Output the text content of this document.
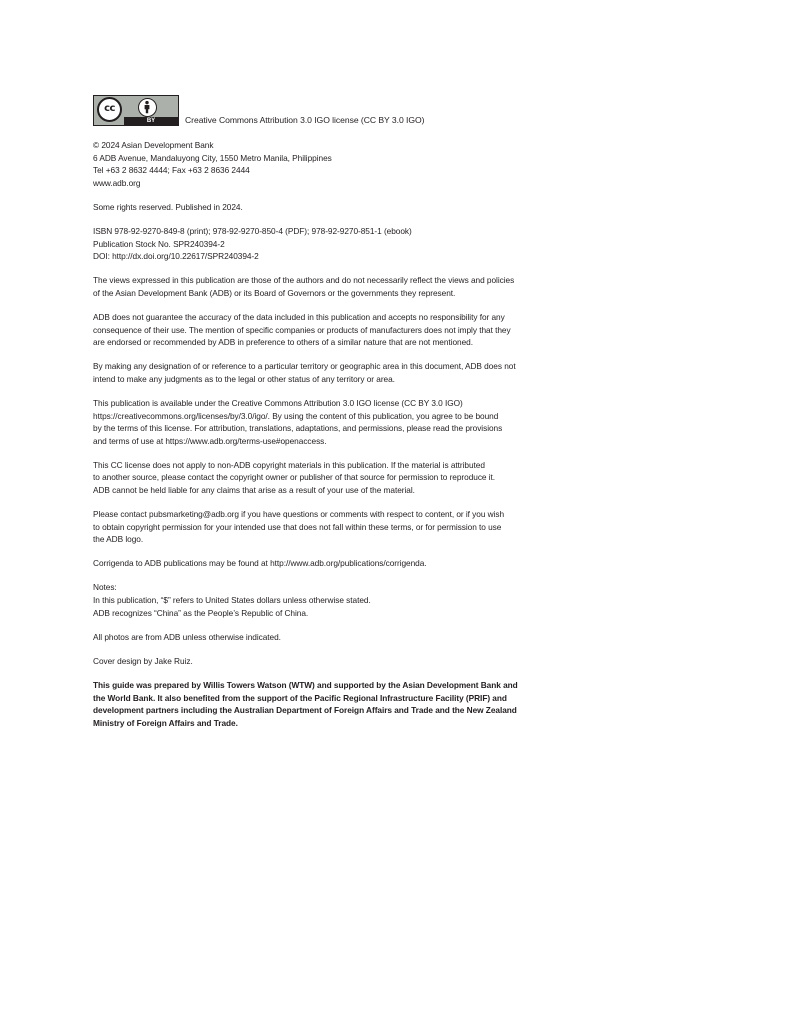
cc
BY	Creative Commons Attribution 3.0 IGO license (CC BY 3.0 IGO)

© 2024 Asian Development Bank
6 ADB Avenue, Mandaluyong City, 1550 Metro Manila, Philippines
Tel +63 2 8632 4444; Fax +63 2 8636 2444
www.adb.org

Some rights reserved. Published in 2024.

ISBN 978-92-9270-849-8 (print); 978-92-9270-850-4 (PDF); 978-92-9270-851-1 (ebook)
Publication Stock No. SPR240394-2
DOI: http://dx.doi.org/10.22617/SPR240394-2

The views expressed in this publication are those of the authors and do not necessarily reflect the views and policies
of the Asian Development Bank (ADB) or its Board of Governors or the governments they represent.

ADB does not guarantee the accuracy of the data included in this publication and accepts no responsibility for any
consequence of their use. The mention of specific companies or products of manufacturers does not imply that they
are endorsed or recommended by ADB in preference to others of a similar nature that are not mentioned.

By making any designation of or reference to a particular territory or geographic area in this document, ADB does not
intend to make any judgments as to the legal or other status of any territory or area.

This publication is available under the Creative Commons Attribution 3.0 IGO license (CC BY 3.0 IGO)
https://creativecommons.org/licenses/by/3.0/igo/. By using the content of this publication, you agree to be bound
by the terms of this license. For attribution, translations, adaptations, and permissions, please read the provisions
and terms of use at https://www.adb.org/terms-use#openaccess.

This CC license does not apply to non-ADB copyright materials in this publication. If the material is attributed
to another source, please contact the copyright owner or publisher of that source for permission to reproduce it.
ADB cannot be held liable for any claims that arise as a result of your use of the material.

Please contact pubsmarketing@adb.org if you have questions or comments with respect to content, or if you wish
to obtain copyright permission for your intended use that does not fall within these terms, or for permission to use
the ADB logo.

Corrigenda to ADB publications may be found at http://www.adb.org/publications/corrigenda.

Notes:
In this publication, “$” refers to United States dollars unless otherwise stated.
ADB recognizes “China” as the People’s Republic of China.

All photos are from ADB unless otherwise indicated.

Cover design by Jake Ruiz.

This guide was prepared by Willis Towers Watson (WTW) and supported by the Asian Development Bank and
the World Bank. It also benefited from the support of the Pacific Regional Infrastructure Facility (PRIF) and
development partners including the Australian Department of Foreign Affairs and Trade and the New Zealand
Ministry of Foreign Affairs and Trade.
